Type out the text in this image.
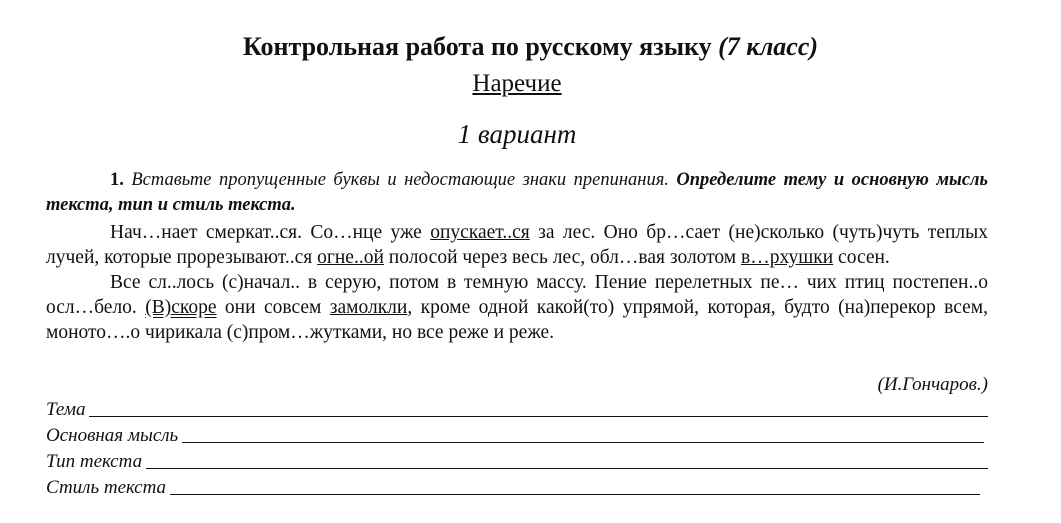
Контрольная работа по русскому языку (7 класс)
Наречие
1 вариант

1. Вставьте пропущенные буквы и недостающие знаки препинания. Определите тему и основную мысль текста, тип и стиль текста.

Нач…нает смеркат..ся. Со…нце уже опускает..ся за лес. Оно бр…сает (не)сколько (чуть)чуть теплых лучей, которые прорезывают..ся огне..ой полосой через весь лес, обл…вая золотом в…рхушки сосен.

Все сл..лось (с)начал.. в серую, потом в темную массу. Пение перелетных пе… чих птиц постепен..о осл…бело. (В)скоре они совсем замолкли, кроме одной какой(то) упрямой, которая, будто (на)перекор всем, моното….о чирикала (с)пром…жутками, но все реже и реже.

(И.Гончаров.)
Тема
Основная мысль
Тип текста
Стиль текста
